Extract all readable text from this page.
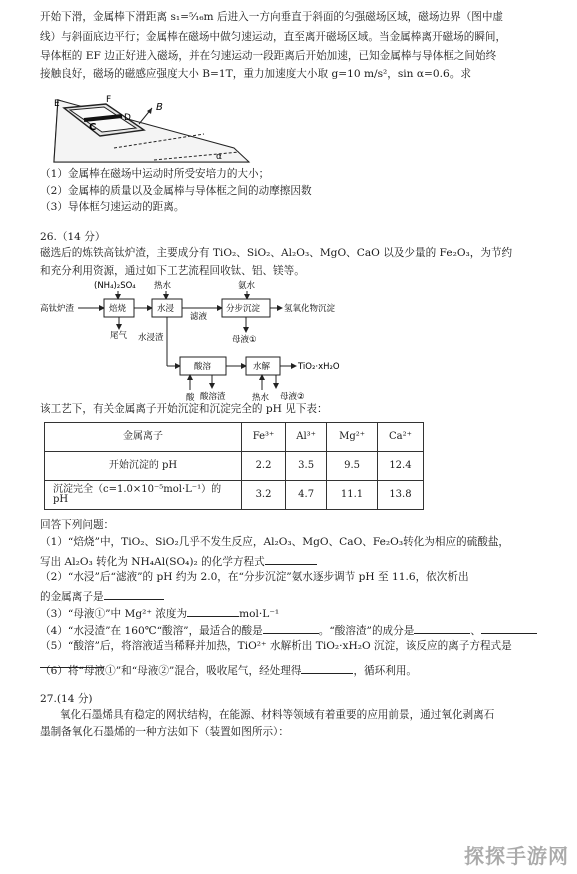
开始下滑，金属棒下滑距离 s₁=⁵⁄₁₆m 后进入一方向垂直于斜面的匀强磁场区域，磁场边界（图中虚
线）与斜面底边平行；金属棒在磁场中做匀速运动，直至离开磁场区域。当金属棒离开磁场的瞬间，
导体框的 EF 边正好进入磁场，并在匀速运动一段距离后开始加速，已知金属棒与导体框之间始终
接触良好，磁场的磁感应强度大小 B=1T，重力加速度大小取 g=10 m/s²，sin α=0.6。求
E	F
C
D
B
α
（1）金属棒在磁场中运动时所受安培力的大小；
（2）金属棒的质量以及金属棒与导体框之间的动摩擦因数
（3）导体框匀速运动的距离。
26.（14 分）
磁选后的炼铁高钛炉渣，主要成分有 TiO₂、SiO₂、Al₂O₃、MgO、CaO 以及少量的 Fe₂O₃，为节约
和充分利用资源，通过如下工艺流程回收钛、铝、镁等。
高钛炉渣
(NH₄)₂SO₄
焙烧
尾气
热水
水浸
滤液
氨水
分步沉淀	氢氧化物沉淀
母液①
水浸渣
酸溶
酸 酸溶渣
水解
热水
TiO₂·xH₂O
母液②
该工艺下，有关金属离子开始沉淀和沉淀完全的 pH 见下表：
金属离子	Fe³⁺	Al³⁺	Mg²⁺	Ca²⁺
开始沉淀的 pH	2.2	3.5	9.5	12.4
沉淀完全（c=1.0×10⁻⁵mol·L⁻¹）的 pH	3.2	4.7	11.1	13.8
回答下列问题：
（1）“焙烧”中，TiO₂、SiO₂几乎不发生反应，Al₂O₃、MgO、CaO、Fe₂O₃转化为相应的硫酸盐，
写出 Al₂O₃ 转化为 NH₄Al(SO₄)₂ 的化学方程式
（2）“水浸”后“滤液”的 pH 约为 2.0，在“分步沉淀”氨水逐步调节 pH 至 11.6，依次析出
的金属离子是
（3）“母液①”中 Mg²⁺ 浓度为	mol·L⁻¹
（4）“水浸渣”在 160℃“酸溶”，最适合的酸是	。“酸溶渣”的成分是	、
（5）“酸溶”后，将溶液适当稀释并加热，TiO²⁺ 水解析出 TiO₂·xH₂O 沉淀，该反应的离子方程式是
（6）将“母液①”和“母液②”混合，吸收尾气，经处理得	，循环利用。
27.(14 分)
氧化石墨烯具有稳定的网状结构，在能源、材料等领域有着重要的应用前景，通过氧化剥离石
墨制备氧化石墨烯的一种方法如下（装置如图所示）：
探探手游网
